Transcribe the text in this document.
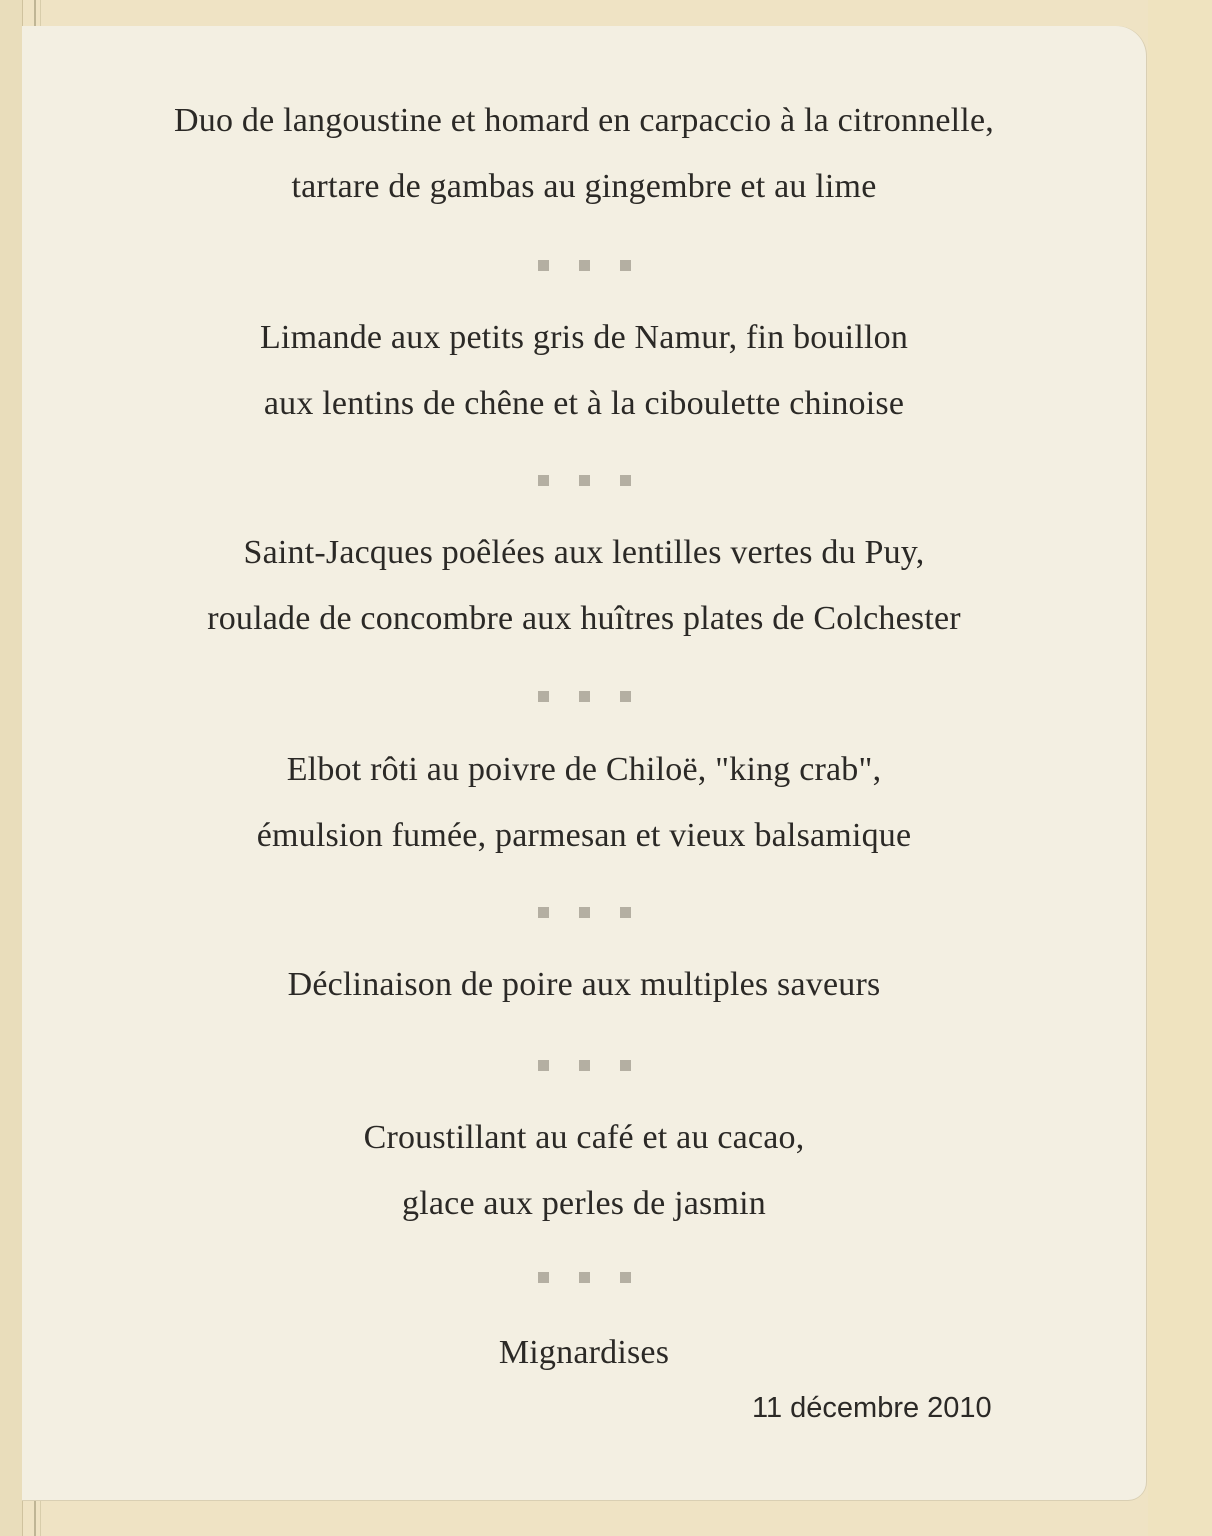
Duo de langoustine et homard en carpaccio à la citronnelle,
tartare de gambas au gingembre et au lime
Limande aux petits gris de Namur, fin bouillon
aux lentins de chêne et à la ciboulette chinoise
Saint-Jacques poêlées aux lentilles vertes du Puy,
roulade de concombre aux huîtres plates de Colchester
Elbot rôti au poivre de Chiloë, "king crab",
émulsion fumée, parmesan et vieux balsamique
Déclinaison de poire aux multiples saveurs
Croustillant au café et au cacao,
glace aux perles de jasmin
Mignardises
11 décembre 2010
